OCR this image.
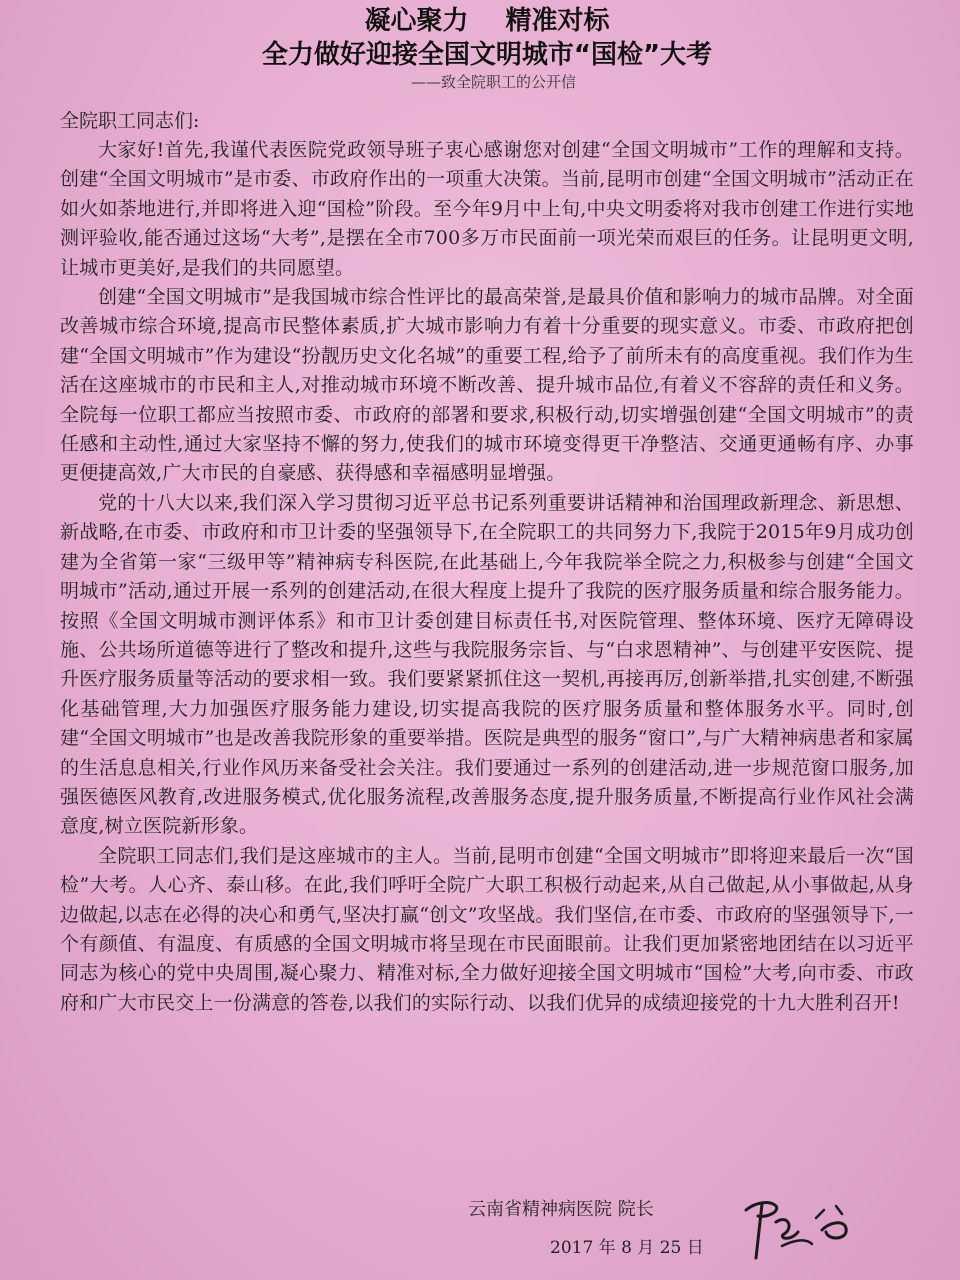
凝心聚力 精准对标
全力做好迎接全国文明城市“国检”大考
——致全院职工的公开信
全院职工同志们:

大家好!首先,我谨代表医院党政领导班子衷心感谢您对创建“全国文明城市”工作的理解和支持。创建“全国文明城市”是市委、市政府作出的一项重大决策。当前,昆明市创建“全国文明城市”活动正在如火如荼地进行,并即将进入迎“国检”阶段。至今年9月中上旬,中央文明委将对我市创建工作进行实地测评验收,能否通过这场“大考”,是摆在全市700多万市民面前一项光荣而艰巨的任务。让昆明更文明,让城市更美好,是我们的共同愿望。

创建“全国文明城市”是我国城市综合性评比的最高荣誉,是最具价值和影响力的城市品牌。对全面改善城市综合环境,提高市民整体素质,扩大城市影响力有着十分重要的现实意义。市委、市政府把创建“全国文明城市”作为建设“扮靓历史文化名城”的重要工程,给予了前所未有的高度重视。我们作为生活在这座城市的市民和主人,对推动城市环境不断改善、提升城市品位,有着义不容辞的责任和义务。全院每一位职工都应当按照市委、市政府的部署和要求,积极行动,切实增强创建“全国文明城市”的责任感和主动性,通过大家坚持不懈的努力,使我们的城市环境变得更干净整洁、交通更通畅有序、办事更便捷高效,广大市民的自豪感、获得感和幸福感明显增强。

党的十八大以来,我们深入学习贯彻习近平总书记系列重要讲话精神和治国理政新理念、新思想、新战略,在市委、市政府和市卫计委的坚强领导下,在全院职工的共同努力下,我院于2015年9月成功创建为全省第一家“三级甲等”精神病专科医院,在此基础上,今年我院举全院之力,积极参与创建“全国文明城市”活动,通过开展一系列的创建活动,在很大程度上提升了我院的医疗服务质量和综合服务能力。按照《全国文明城市测评体系》和市卫计委创建目标责任书,对医院管理、整体环境、医疗无障碍设施、公共场所道德等进行了整改和提升,这些与我院服务宗旨、与“白求恩精神”、与创建平安医院、提升医疗服务质量等活动的要求相一致。我们要紧紧抓住这一契机,再接再厉,创新举措,扎实创建,不断强化基础管理,大力加强医疗服务能力建设,切实提高我院的医疗服务质量和整体服务水平。同时,创建“全国文明城市”也是改善我院形象的重要举措。医院是典型的服务“窗口”,与广大精神病患者和家属的生活息息相关,行业作风历来备受社会关注。我们要通过一系列的创建活动,进一步规范窗口服务,加强医德医风教育,改进服务模式,优化服务流程,改善服务态度,提升服务质量,不断提高行业作风社会满意度,树立医院新形象。

全院职工同志们,我们是这座城市的主人。当前,昆明市创建“全国文明城市”即将迎来最后一次“国检”大考。人心齐、泰山移。在此,我们呼吁全院广大职工积极行动起来,从自己做起,从小事做起,从身边做起,以志在必得的决心和勇气,坚决打赢“创文”攻坚战。我们坚信,在市委、市政府的坚强领导下,一个有颜值、有温度、有质感的全国文明城市将呈现在市民面眼前。让我们更加紧密地团结在以习近平同志为核心的党中央周围,凝心聚力、精准对标,全力做好迎接全国文明城市“国检”大考,向市委、市政府和广大市民交上一份满意的答卷,以我们的实际行动、以我们优异的成绩迎接党的十九大胜利召开!

云南省精神病医院 院长
2017 年 8 月 25 日
